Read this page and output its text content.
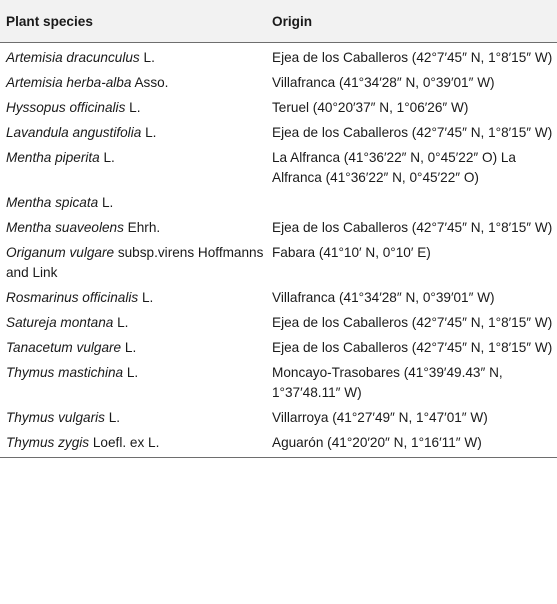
Plant species	Origin
Artemisia dracunculus L.	Ejea de los Caballeros (42°7′45″ N, 1°8′15″ W)
Artemisia herba-alba Asso.	Villafranca (41°34′28″ N, 0°39′01″ W)
Hyssopus officinalis L.	Teruel (40°20′37″ N, 1°06′26″ W)
Lavandula angustifolia L.	Ejea de los Caballeros (42°7′45″ N, 1°8′15″ W)
Mentha piperita L.	La Alfranca (41°36′22″ N, 0°45′22″ O) La Alfranca (41°36′22″ N, 0°45′22″ O)
Mentha spicata L.	
Mentha suaveolens Ehrh.	Ejea de los Caballeros (42°7′45″ N, 1°8′15″ W)
Origanum vulgare subsp.virens Hoffmanns and Link	Fabara (41°10′ N, 0°10′ E)
Rosmarinus officinalis L.	Villafranca (41°34′28″ N, 0°39′01″ W)
Satureja montana L.	Ejea de los Caballeros (42°7′45″ N, 1°8′15″ W)
Tanacetum vulgare L.	Ejea de los Caballeros (42°7′45″ N, 1°8′15″ W)
Thymus mastichina L.	Moncayo-Trasobares (41°39′49.43″ N, 1°37′48.11″ W)
Thymus vulgaris L.	Villarroya (41°27′49″ N, 1°47′01″ W)
Thymus zygis Loefl. ex L.	Aguarón (41°20′20″ N, 1°16′11″ W)
